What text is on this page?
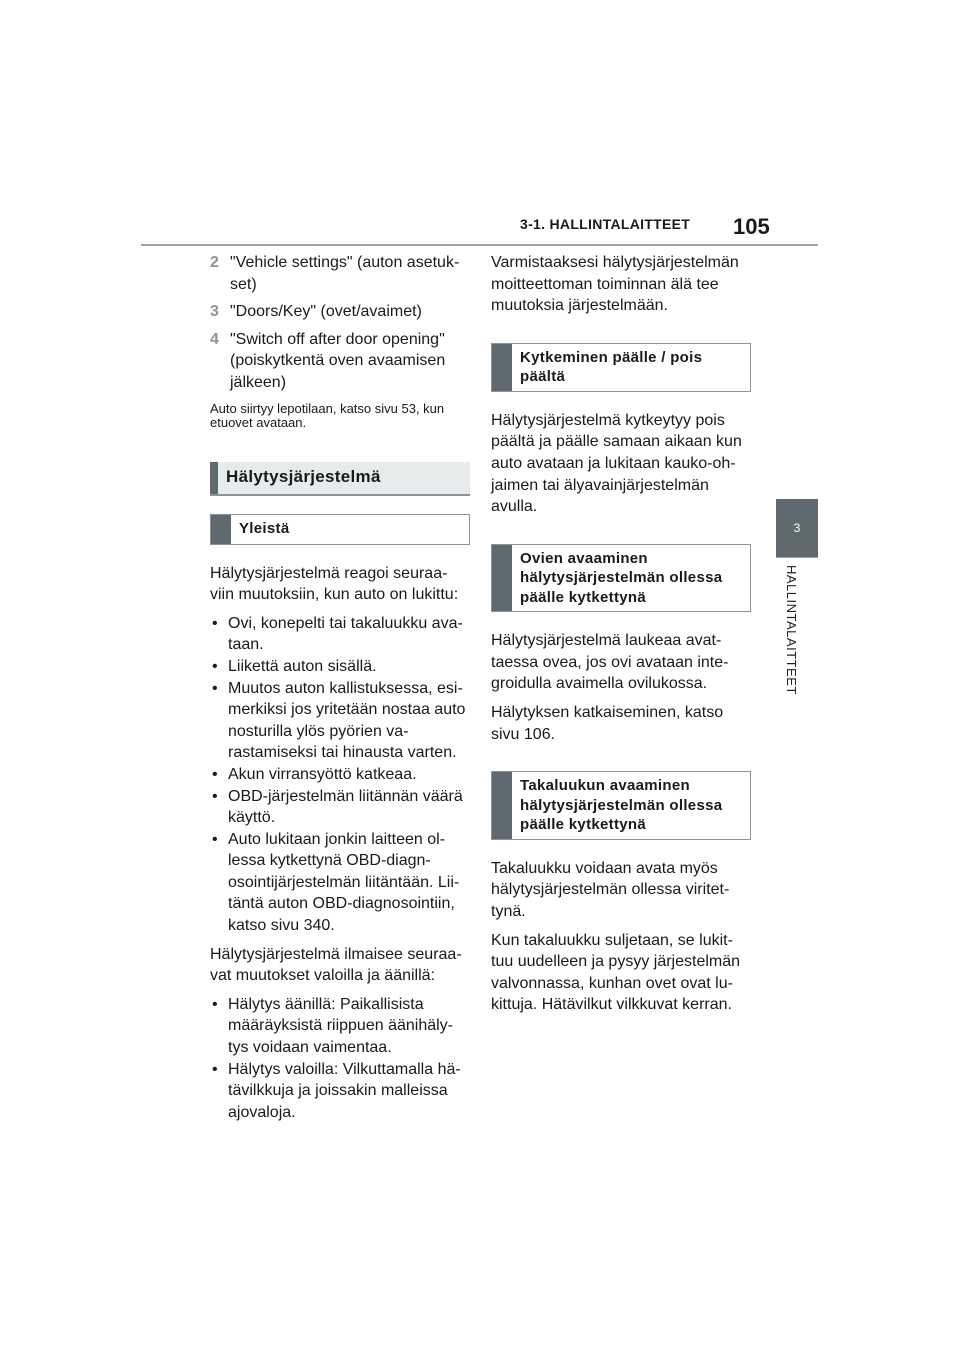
3-1. HALLINTALAITTEET 105
3
HALLINTALAITTEET
2 "Vehicle settings" (auton asetuk-set)
3 "Doors/Key" (ovet/avaimet)
4 "Switch off after door opening" (poiskytkentä oven avaamisen jälkeen)

Auto siirtyy lepotilaan, katso sivu 53, kun etuovet avataan.

Hälytysjärjestelmä
Yleistä

Hälytysjärjestelmä reagoi seuraa-viin muutoksiin, kun auto on lukittu:

• Ovi, konepelti tai takaluukku ava-taan.
• Liikettä auton sisällä.
• Muutos auton kallistuksessa, esi-merkiksi jos yritetään nostaa auto nosturilla ylös pyörien va-rastamiseksi tai hinausta varten.
• Akun virransyöttö katkeaa.
• OBD-järjestelmän liitännän väärä käyttö.
• Auto lukitaan jonkin laitteen ol-lessa kytkettynä OBD-diagn-osointijärjestelmän liitäntään. Lii-täntä auton OBD-diagnosointiin, katso sivu 340.

Hälytysjärjestelmä ilmaisee seuraa-vat muutokset valoilla ja äänillä:

• Hälytys äänillä: Paikallisista määräyksistä riippuen äänihäly-tys voidaan vaimentaa.
• Hälytys valoilla: Vilkuttamalla hä-tävilkkuja ja joissakin malleissa ajovaloja.

Varmistaaksesi hälytysjärjestelmän moitteettoman toiminnan älä tee muutoksia järjestelmään.

Kytkeminen päälle / pois päältä

Hälytysjärjestelmä kytkeytyy pois päältä ja päälle samaan aikaan kun auto avataan ja lukitaan kauko-oh-jaimen tai älyavainjärjestelmän avulla.

Ovien avaaminen hälytysjärjestelmän ollessa päälle kytkettynä

Hälytysjärjestelmä laukeaa avat-taessa ovea, jos ovi avataan inte-groidulla avaimella ovilukossa.

Hälytyksen katkaiseminen, katso sivu 106.

Takaluukun avaaminen hälytysjärjestelmän ollessa päälle kytkettynä

Takaluukku voidaan avata myös hälytysjärjestelmän ollessa viritet-tynä.

Kun takaluukku suljetaan, se lukit-tuu uudelleen ja pysyy järjestelmän valvonnassa, kunhan ovet ovat lu-kittuja. Hätävilkut vilkkuvat kerran.
